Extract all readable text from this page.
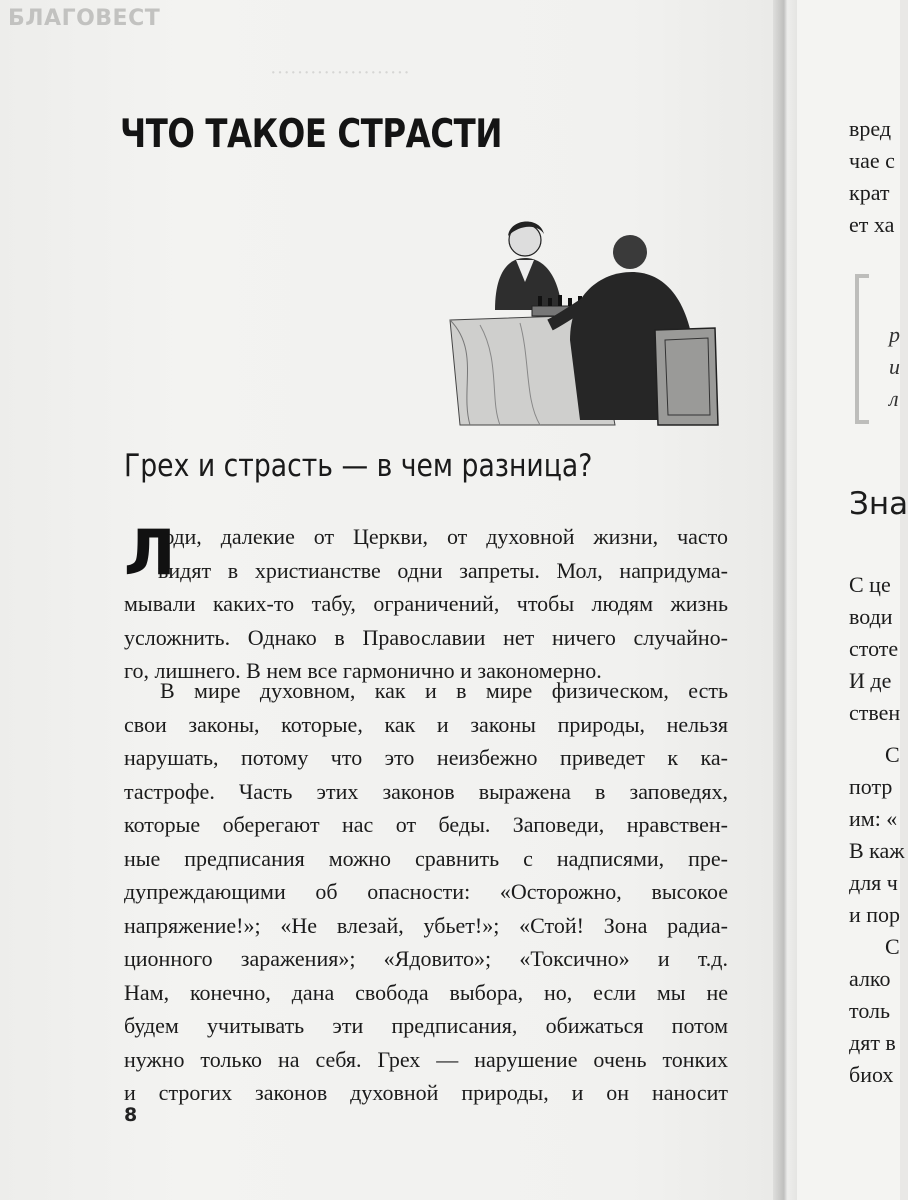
БЛАГОВЕСТ
·····················
ЧТО ТАКОЕ СТРАСТИ
Грех и страсть — в чем разница?
Л
юди, далекие от Церкви, от духовной жизни, часто
видят в христианстве одни запреты. Мол, напридума-
мывали каких-то табу, ограничений, чтобы людям жизнь
усложнить. Однако в Православии нет ничего случайно-
го, лишнего. В нем все гармонично и закономерно.
В мире духовном, как и в мире физическом, есть
свои законы, которые, как и законы природы, нельзя
нарушать, потому что это неизбежно приведет к ка-
тастрофе. Часть этих законов выражена в заповедях,
которые оберегают нас от беды. Заповеди, нравствен-
ные предписания можно сравнить с надписями, пре-
дупреждающими об опасности: «Осторожно, высокое
напряжение!»; «Не влезай, убьет!»; «Стой! Зона радиа-
ционного заражения»; «Ядовито»; «Токсично» и т.д.
Нам, конечно, дана свобода выбора, но, если мы не
будем учитывать эти предписания, обижаться потом
нужно только на себя. Грех — нарушение очень тонких
и строгих законов духовной природы, и он наносит
8
вред
чае с
крат
ет ха
р
и
л
Зна
С це
води
стоте
И де
ствен
С
потр
им: «
В каж
для ч
и пор
С
алко
толь
дят в
биох
